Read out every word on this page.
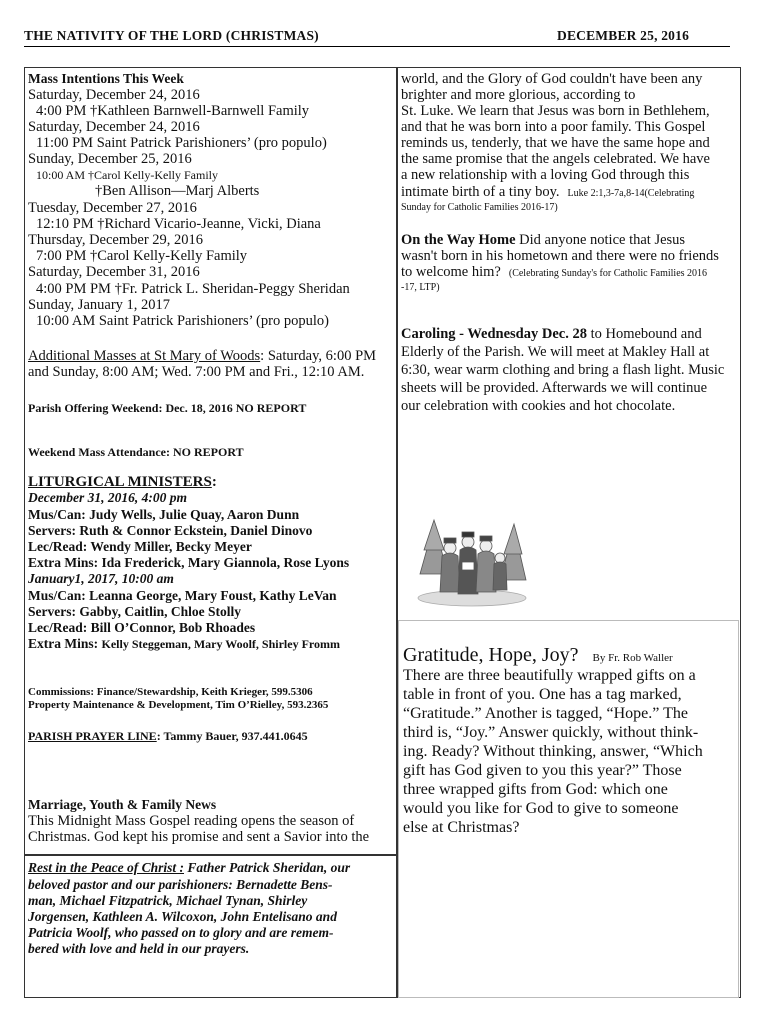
THE NATIVITY OF THE LORD (CHRISTMAS)	DECEMBER 25, 2016
Mass Intentions This Week
Saturday, December 24, 2016
4:00 PM †Kathleen Barnwell-Barnwell Family
Saturday, December 24, 2016
11:00 PM Saint Patrick Parishioners’ (pro populo)
Sunday, December 25, 2016
10:00 AM †Carol Kelly-Kelly Family
†Ben Allison—Marj Alberts
Tuesday, December 27, 2016
12:10 PM †Richard Vicario-Jeanne, Vicki, Diana
Thursday, December 29, 2016
7:00 PM †Carol Kelly-Kelly Family
Saturday, December 31, 2016
4:00 PM PM †Fr. Patrick L. Sheridan-Peggy Sheridan
Sunday, January 1, 2017
10:00 AM Saint Patrick Parishioners’ (pro populo)
Additional Masses at St Mary of Woods: Saturday, 6:00 PM
and Sunday, 8:00 AM; Wed. 7:00 PM and Fri., 12:10 AM.
Parish Offering Weekend: Dec. 18, 2016 NO REPORT
Weekend Mass Attendance: NO REPORT
LITURGICAL MINISTERS:
December 31, 2016, 4:00 pm
Mus/Can: Judy Wells, Julie Quay, Aaron Dunn
Servers: Ruth & Connor Eckstein, Daniel Dinovo
Lec/Read: Wendy Miller, Becky Meyer
Extra Mins: Ida Frederick, Mary Giannola, Rose Lyons
January1, 2017, 10:00 am
Mus/Can: Leanna George, Mary Foust, Kathy LeVan
Servers: Gabby, Caitlin, Chloe Stolly
Lec/Read: Bill O’Connor, Bob Rhoades
Extra Mins: Kelly Steggeman, Mary Woolf, Shirley Fromm
Commissions: Finance/Stewardship, Keith Krieger, 599.5306
Property Maintenance & Development, Tim O’Rielley, 593.2365
PARISH PRAYER LINE: Tammy Bauer, 937.441.0645
Marriage, Youth & Family News
This Midnight Mass Gospel reading opens the season of
Christmas. God kept his promise and sent a Savior into the
Rest in the Peace of Christ : Father Patrick Sheridan, our
beloved pastor and our parishioners: Bernadette Bens-
man, Michael Fitzpatrick, Michael Tynan, Shirley
Jorgensen, Kathleen A. Wilcoxon, John Entelisano and
Patricia Woolf, who passed on to glory and are remem-
bered with love and held in our prayers.
world, and the Glory of God couldn't have been any
brighter and more glorious, according to
St. Luke. We learn that Jesus was born in Bethlehem,
and that he was born into a poor family. This Gospel
reminds us, tenderly, that we have the same hope and
the same promise that the angels celebrated. We have
a new relationship with a loving God through this
intimate birth of a tiny boy. Luke 2:1,3-7a,8-14(Celebrating
Sunday for Catholic Families 2016-17)
On the Way Home Did anyone notice that Jesus
wasn't born in his hometown and there were no friends
to welcome him? (Celebrating Sunday's for Catholic Families 2016
-17, LTP)
Caroling - Wednesday Dec. 28 to Homebound and
Elderly of the Parish. We will meet at Makley Hall at
6:30, wear warm clothing and bring a flash light. Music
sheets will be provided. Afterwards we will continue
our celebration with cookies and hot chocolate.
Gratitude, Hope, Joy? By Fr. Rob Waller
There are three beautifully wrapped gifts on a
table in front of you. One has a tag marked,
“Gratitude.” Another is tagged, “Hope.” The
third is, “Joy.” Answer quickly, without think-
ing. Ready? Without thinking, answer, “Which
gift has God given to you this year?” Those
three wrapped gifts from God: which one
would you like for God to give to someone
else at Christmas?
